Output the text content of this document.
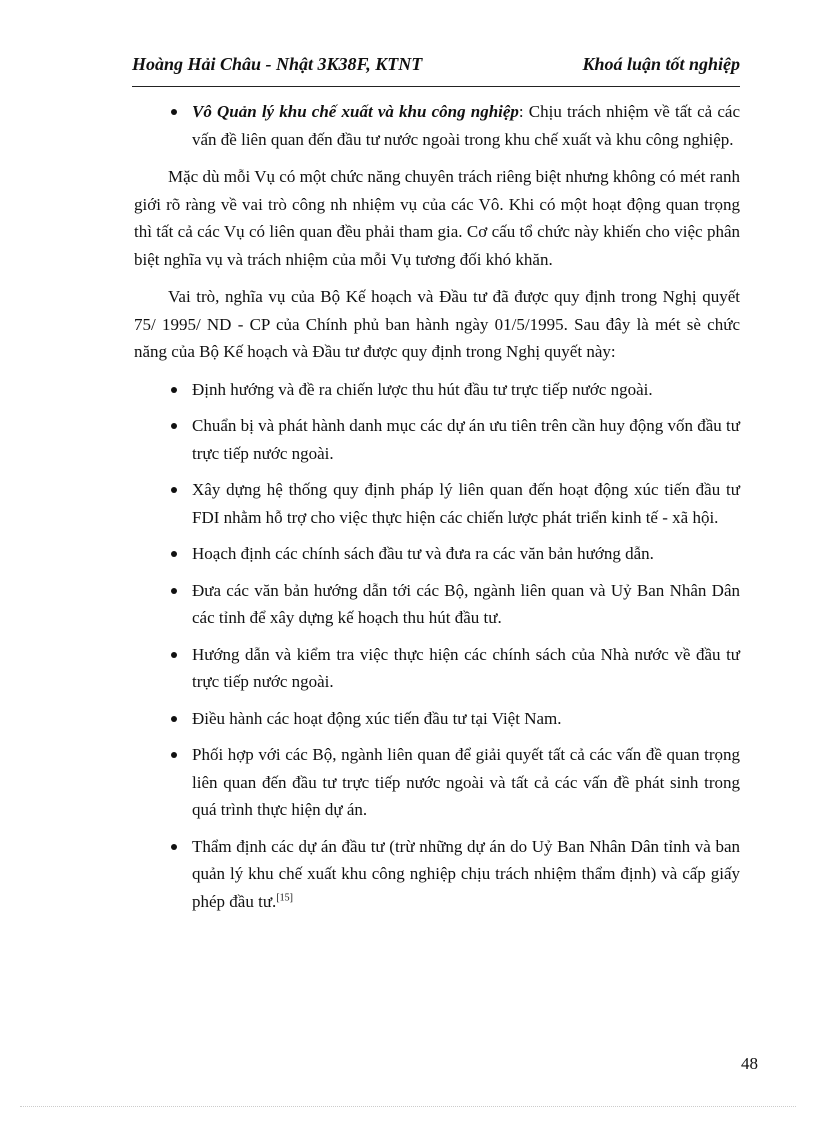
Hoàng Hải Châu - Nhật 3K38F, KTNT	Khoá luận tốt nghiệp
Vô Quản lý khu chế xuất và khu công nghiệp: Chịu trách nhiệm về tất cả các vấn đề liên quan đến đầu tư nước ngoài trong khu chế xuất và khu công nghiệp.

Mặc dù mỗi Vụ có một chức năng chuyên trách riêng biệt nhưng không có mét ranh giới rõ ràng về vai trò công nh nhiệm vụ của các Vô. Khi có một hoạt động quan trọng thì tất cả các Vụ có liên quan đều phải tham gia. Cơ cấu tổ chức này khiến cho việc phân biệt nghĩa vụ và trách nhiệm của mỗi Vụ tương đối khó khăn.

Vai trò, nghĩa vụ của Bộ Kế hoạch và Đầu tư đã được quy định trong Nghị quyết 75/ 1995/ ND - CP của Chính phủ ban hành ngày 01/5/1995. Sau đây là mét sè chức năng của Bộ Kế hoạch và Đầu tư được quy định trong Nghị quyết này:

Định hướng và đề ra chiến lược thu hút đầu tư trực tiếp nước ngoài.
Chuẩn bị và phát hành danh mục các dự án ưu tiên trên cần huy động vốn đầu tư trực tiếp nước ngoài.
Xây dựng hệ thống quy định pháp lý liên quan đến hoạt động xúc tiến đầu tư FDI nhằm hỗ trợ cho việc thực hiện các chiến lược phát triển kinh tế - xã hội.
Hoạch định các chính sách đầu tư và đưa ra các văn bản hướng dẫn.
Đưa các văn bản hướng dẫn tới các Bộ, ngành liên quan và Uỷ Ban Nhân Dân các tỉnh để xây dựng kế hoạch thu hút đầu tư.
Hướng dẫn và kiểm tra việc thực hiện các chính sách của Nhà nước về đầu tư trực tiếp nước ngoài.
Điều hành các hoạt động xúc tiến đầu tư tại Việt Nam.
Phối hợp với các Bộ, ngành liên quan để giải quyết tất cả các vấn đề quan trọng liên quan đến đầu tư trực tiếp nước ngoài và tất cả các vấn đề phát sinh trong quá trình thực hiện dự án.
Thẩm định các dự án đầu tư (trừ những dự án do Uỷ Ban Nhân Dân tỉnh và ban quản lý khu chế xuất khu công nghiệp chịu trách nhiệm thẩm định) và cấp giấy phép đầu tư.[15]
48
